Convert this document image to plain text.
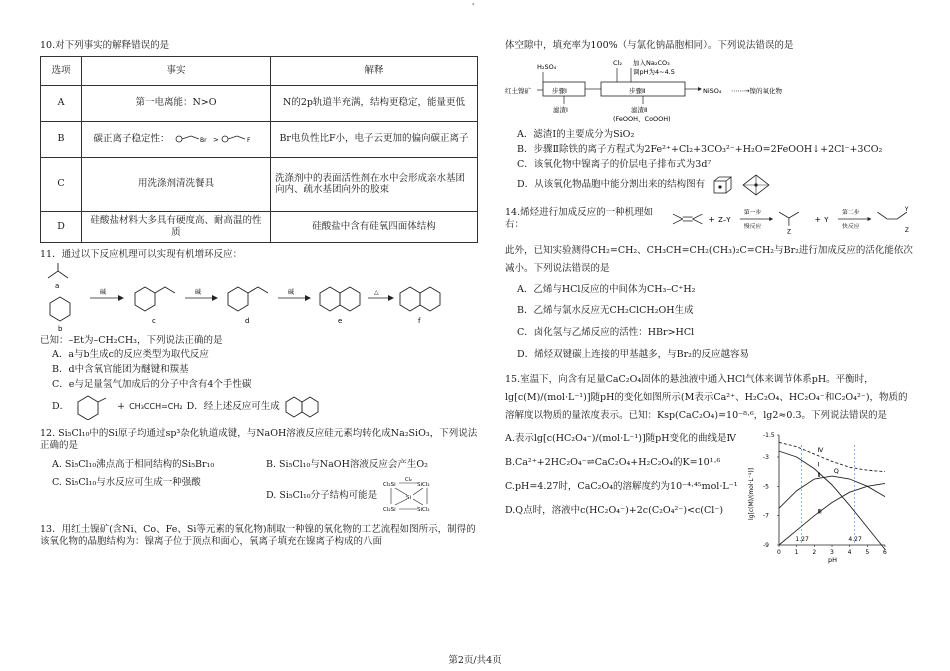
'
10.对下列事实的解释错误的是
选项	事实	解释
A	第一电离能：N>O	N的2p轨道半充满，结构更稳定，能量更低
B	碳正离子稳定性： Br > F	Br电负性比F小，电子云更加的偏向碳正离子
C	用洗涤剂清洗餐具	洗涤剂中的表面活性剂在水中会形成亲水基团向内、疏水基团向外的胶束
D	硅酸盐材料大多具有硬度高、耐高温的性质	硅酸盐中含有硅氧四面体结构
11．通过以下反应机理可以实现有机增环反应：
a
b
碱
c
碱
d
碱
e
△
f
已知：–Et为–CH₂CH₃，下列说法正确的是
A．a与b生成c的反应类型为取代反应
B．d中含氧官能团为醚键和羰基
C．e与足量氢气加成后的分子中含有4个手性碳
D．	+ CH₃CCH=CH₂ D．经上述反应可生成
12. Si₅Cl₁₀中的Si原子均通过sp³杂化轨道成键，与NaOH溶液反应硅元素均转化成Na₂SiO₃，下列说法正确的是
A. Si₅Cl₁₀沸点高于相同结构的Si₅Br₁₀	B. Si₅Cl₁₀与NaOH溶液反应会产生O₂
C. Si₅Cl₁₀与水反应可生成一种强酸
D. Si₅Cl₁₀分子结构可能是
Cl₂Si	SiCl₂
Cl₂Si	SiCl₂
Si
Cl₂
13．用红土镍矿(含Ni、Co、Fe、Si等元素的氧化物)制取一种镍的氧化物的工艺流程如图所示，制得的该氧化物的晶胞结构为：镍离子位于顶点和面心，氧离子填充在镍离子构成的八面
体空隙中，填充率为100%（与氯化钠晶胞相同）。下列说法错误的是
H₂SO₄	Cl₂ 加入Na₂CO₃
调pH为4~4.5
红土镍矿	步骤Ⅰ	步骤Ⅱ	NiSO₄ ⋯⋯→镍的氧化物
滤渣Ⅰ	滤渣Ⅱ
(FeOOH、CoOOH)
A．滤渣Ⅰ的主要成分为SiO₂
B．步骤Ⅱ除铁的离子方程式为2Fe²⁺+Cl₂+3CO₃²⁻+H₂O=2FeOOH↓+2Cl⁻+3CO₂
C．该氧化物中镍离子的价层电子排布式为3d⁷
D．从该氧化物晶胞中能分割出来的结构图有
14.烯烃进行加成反应的一种机理如右：	+ Z–Y
第一步
慢反应
Z
+ Y
第二步
快反应
Y
Z
此外，已知实验测得CH₂=CH₂、CH₃CH=CH₂(CH₃)₂C=CH₂与Br₂进行加成反应的活化能依次减小。下列说法错误的是
A．乙烯与HCl反应的中间体为CH₃–C⁺H₂
B．乙烯与氯水反应无CH₂ClCH₂OH生成
C．卤化氢与乙烯反应的活性：HBr>HCl
D．烯烃双键碳上连接的甲基越多，与Br₂的反应越容易
15.室温下，向含有足量CaC₂O₄固体的悬浊液中通入HCl气体来调节体系pH。平衡时，lg[c(M)/(mol·L⁻¹)]随pH的变化如图所示(M表示Ca²⁺、H₂C₂O₄、HC₂O₄⁻和C₂O₄²⁻)，物质的溶解度以物质的量浓度表示。已知：Ksp(CaC₂O₄)=10⁻⁸·⁶，lg2≈0.3。下列说法错误的是
A.表示lg[c(HC₂O₄⁻)/(mol·L⁻¹)]随pH变化的曲线是Ⅳ
B.Ca²⁺+2HC₂O₄⁻⇌CaC₂O₄+H₂C₂O₄的K=10¹·⁶
C.pH=4.27时，CaC₂O₄的溶解度约为10⁻⁴·⁴⁵mol·L⁻¹
D.Q点时，溶液中c(HC₂O₄⁻)+2c(C₂O₄²⁻)<c(Cl⁻)
0 1 2 3 4 5 6
-1.5
-3
-5
-7
-9
pH
lg[c(M)/(mol·L⁻¹)]
Ⅰ
Ⅱ
Ⅲ
Ⅳ
1.27	4.27
Q
第2页/共4页
